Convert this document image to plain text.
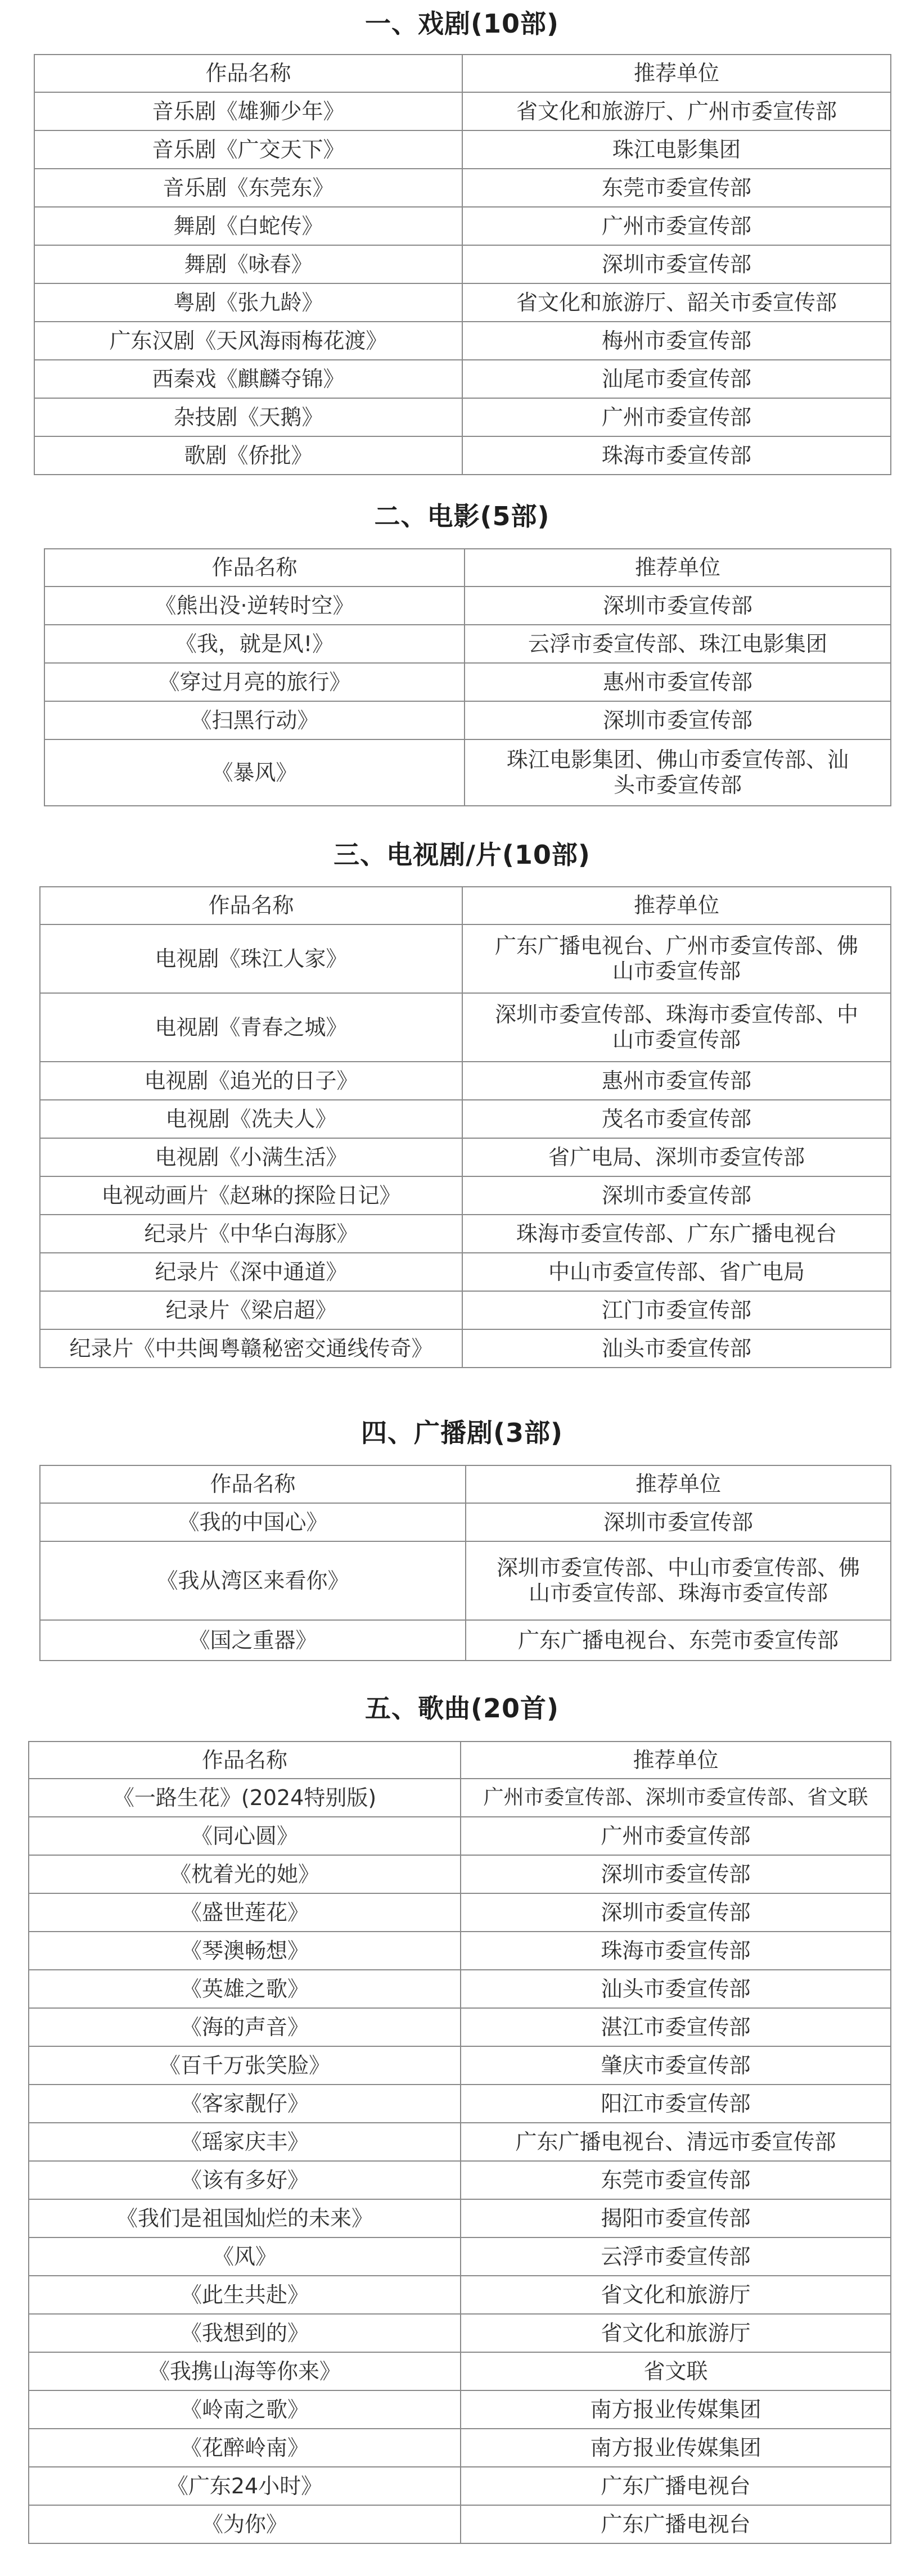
一、戏剧(10部)
作品名称	推荐单位
音乐剧《雄狮少年》	省文化和旅游厅、广州市委宣传部
音乐剧《广交天下》	珠江电影集团
音乐剧《东莞东》	东莞市委宣传部
舞剧《白蛇传》	广州市委宣传部
舞剧《咏春》	深圳市委宣传部
粤剧《张九龄》	省文化和旅游厅、韶关市委宣传部
广东汉剧《天风海雨梅花渡》	梅州市委宣传部
西秦戏《麒麟夺锦》	汕尾市委宣传部
杂技剧《天鹅》	广州市委宣传部
歌剧《侨批》	珠海市委宣传部
二、电影(5部)
作品名称	推荐单位
《熊出没·逆转时空》	深圳市委宣传部
《我，就是风!》	云浮市委宣传部、珠江电影集团
《穿过月亮的旅行》	惠州市委宣传部
《扫黑行动》	深圳市委宣传部
《暴风》	珠江电影集团、佛山市委宣传部、汕头市委宣传部
三、电视剧/片(10部)
作品名称	推荐单位
电视剧《珠江人家》	广东广播电视台、广州市委宣传部、佛山市委宣传部
电视剧《青春之城》	深圳市委宣传部、珠海市委宣传部、中山市委宣传部
电视剧《追光的日子》	惠州市委宣传部
电视剧《冼夫人》	茂名市委宣传部
电视剧《小满生活》	省广电局、深圳市委宣传部
电视动画片《赵琳的探险日记》	深圳市委宣传部
纪录片《中华白海豚》	珠海市委宣传部、广东广播电视台
纪录片《深中通道》	中山市委宣传部、省广电局
纪录片《梁启超》	江门市委宣传部
纪录片《中共闽粤赣秘密交通线传奇》	汕头市委宣传部
四、广播剧(3部)
作品名称	推荐单位
《我的中国心》	深圳市委宣传部
《我从湾区来看你》	深圳市委宣传部、中山市委宣传部、佛山市委宣传部、珠海市委宣传部
《国之重器》	广东广播电视台、东莞市委宣传部
五、歌曲(20首)
作品名称	推荐单位
《一路生花》(2024特别版)	广州市委宣传部、深圳市委宣传部、省文联
《同心圆》	广州市委宣传部
《枕着光的她》	深圳市委宣传部
《盛世莲花》	深圳市委宣传部
《琴澳畅想》	珠海市委宣传部
《英雄之歌》	汕头市委宣传部
《海的声音》	湛江市委宣传部
《百千万张笑脸》	肇庆市委宣传部
《客家靓仔》	阳江市委宣传部
《瑶家庆丰》	广东广播电视台、清远市委宣传部
《该有多好》	东莞市委宣传部
《我们是祖国灿烂的未来》	揭阳市委宣传部
《风》	云浮市委宣传部
《此生共赴》	省文化和旅游厅
《我想到的》	省文化和旅游厅
《我携山海等你来》	省文联
《岭南之歌》	南方报业传媒集团
《花醉岭南》	南方报业传媒集团
《广东24小时》	广东广播电视台
《为你》	广东广播电视台
